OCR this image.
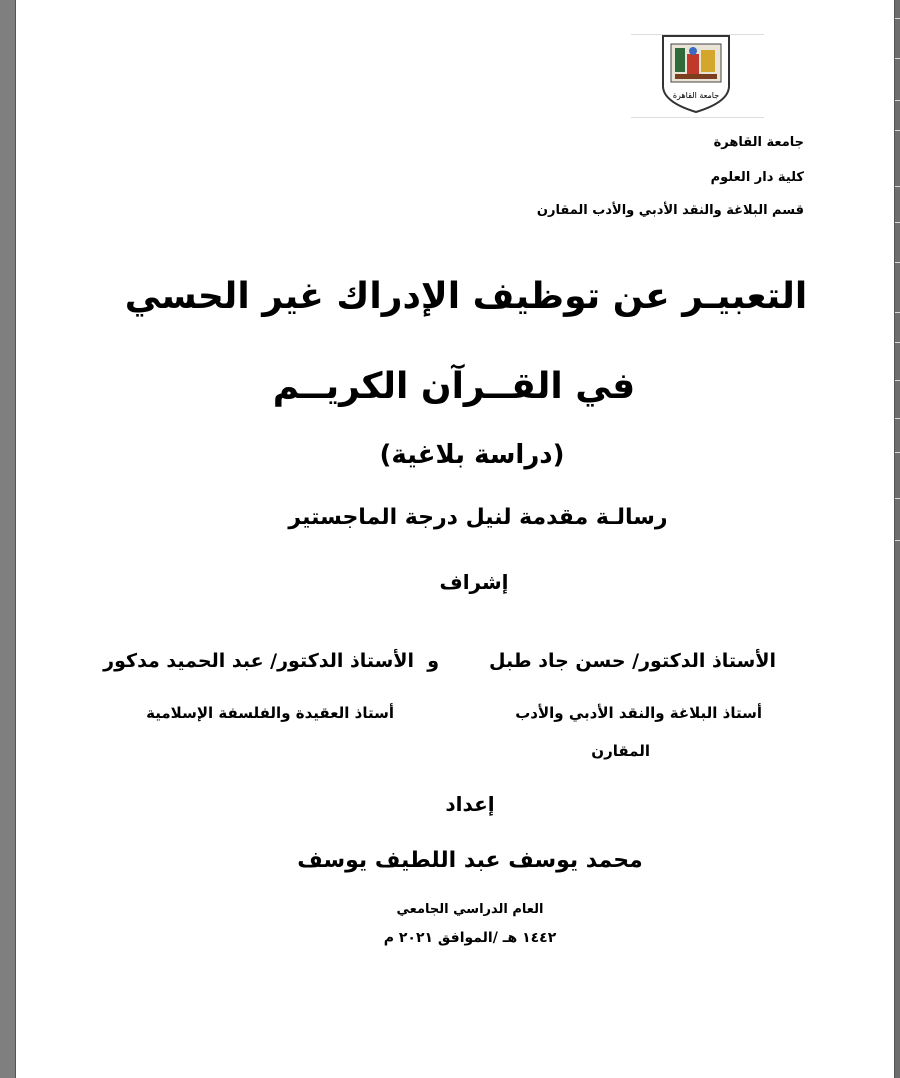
جامعة القاهرة
جامعة القاهرة
كلية دار العلوم
قسم البلاغة والنقد الأدبي والأدب المقارن
التعبيـر عن توظيف الإدراك غير الحسي
في القــرآن الكريــم
(دراسة بلاغية)
رسالـة مقدمة لنيل درجة الماجستير
إشراف
الأستاذ الدكتور/ حسن جاد طبل
و
الأستاذ الدكتور/ عبد الحميد مدكور
أستاذ البلاغة والنقد الأدبي والأدب
المقارن
أستاذ العقيدة والفلسفة الإسلامية
إعداد
محمد يوسف عبد اللطيف يوسف
العام الدراسي الجامعي
١٤٤٢ هـ /الموافق ٢٠٢١ م
